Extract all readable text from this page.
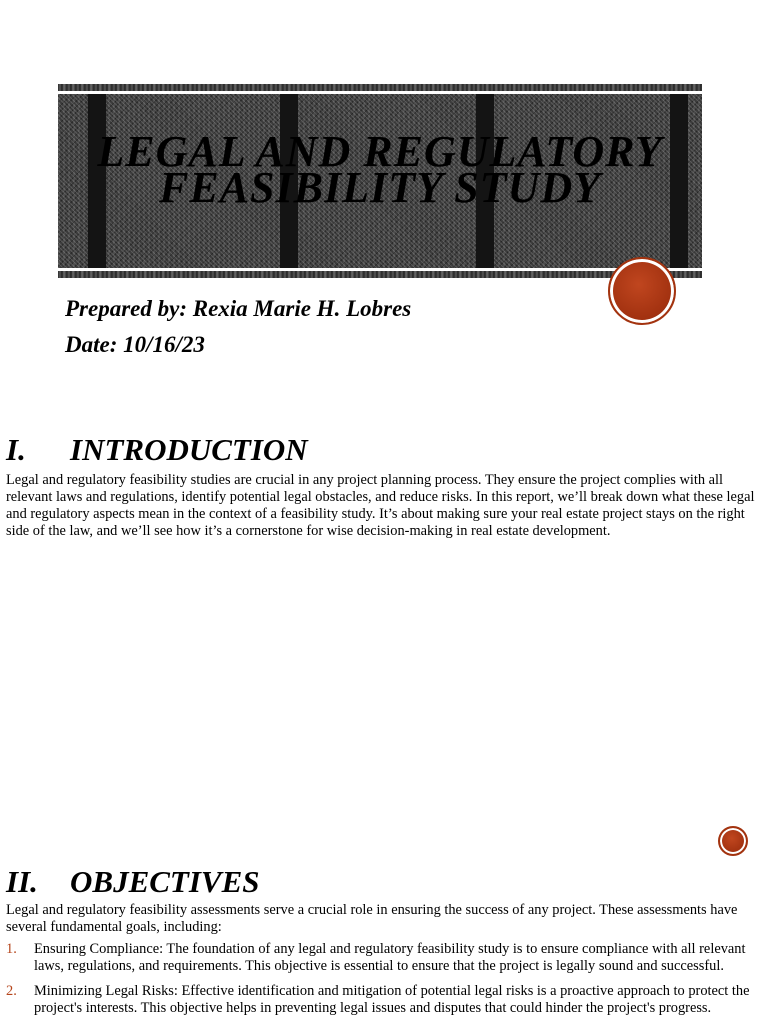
LEGAL AND REGULATORY
FEASIBILITY STUDY

Prepared by: Rexia Marie H. Lobres

Date: 10/16/23

I. INTRODUCTION

Legal and regulatory feasibility studies are crucial in any project planning process. They ensure the project complies with all relevant laws and regulations, identify potential legal obstacles, and reduce risks. In this report, we’ll break down what these legal and regulatory aspects mean in the context of a feasibility study. It’s about making sure your real estate project stays on the right side of the law, and we’ll see how it’s a cornerstone for wise decision-making in real estate development.

II. OBJECTIVES

Legal and regulatory feasibility assessments serve a crucial role in ensuring the success of any project. These assessments have several fundamental goals, including:

1. Ensuring Compliance: The foundation of any legal and regulatory feasibility study is to ensure compliance with all relevant laws, regulations, and requirements. This objective is essential to ensure that the project is legally sound and successful.
2. Minimizing Legal Risks: Effective identification and mitigation of potential legal risks is a proactive approach to protect the project's interests. This objective helps in preventing legal issues and disputes that could hinder the project's progress.
